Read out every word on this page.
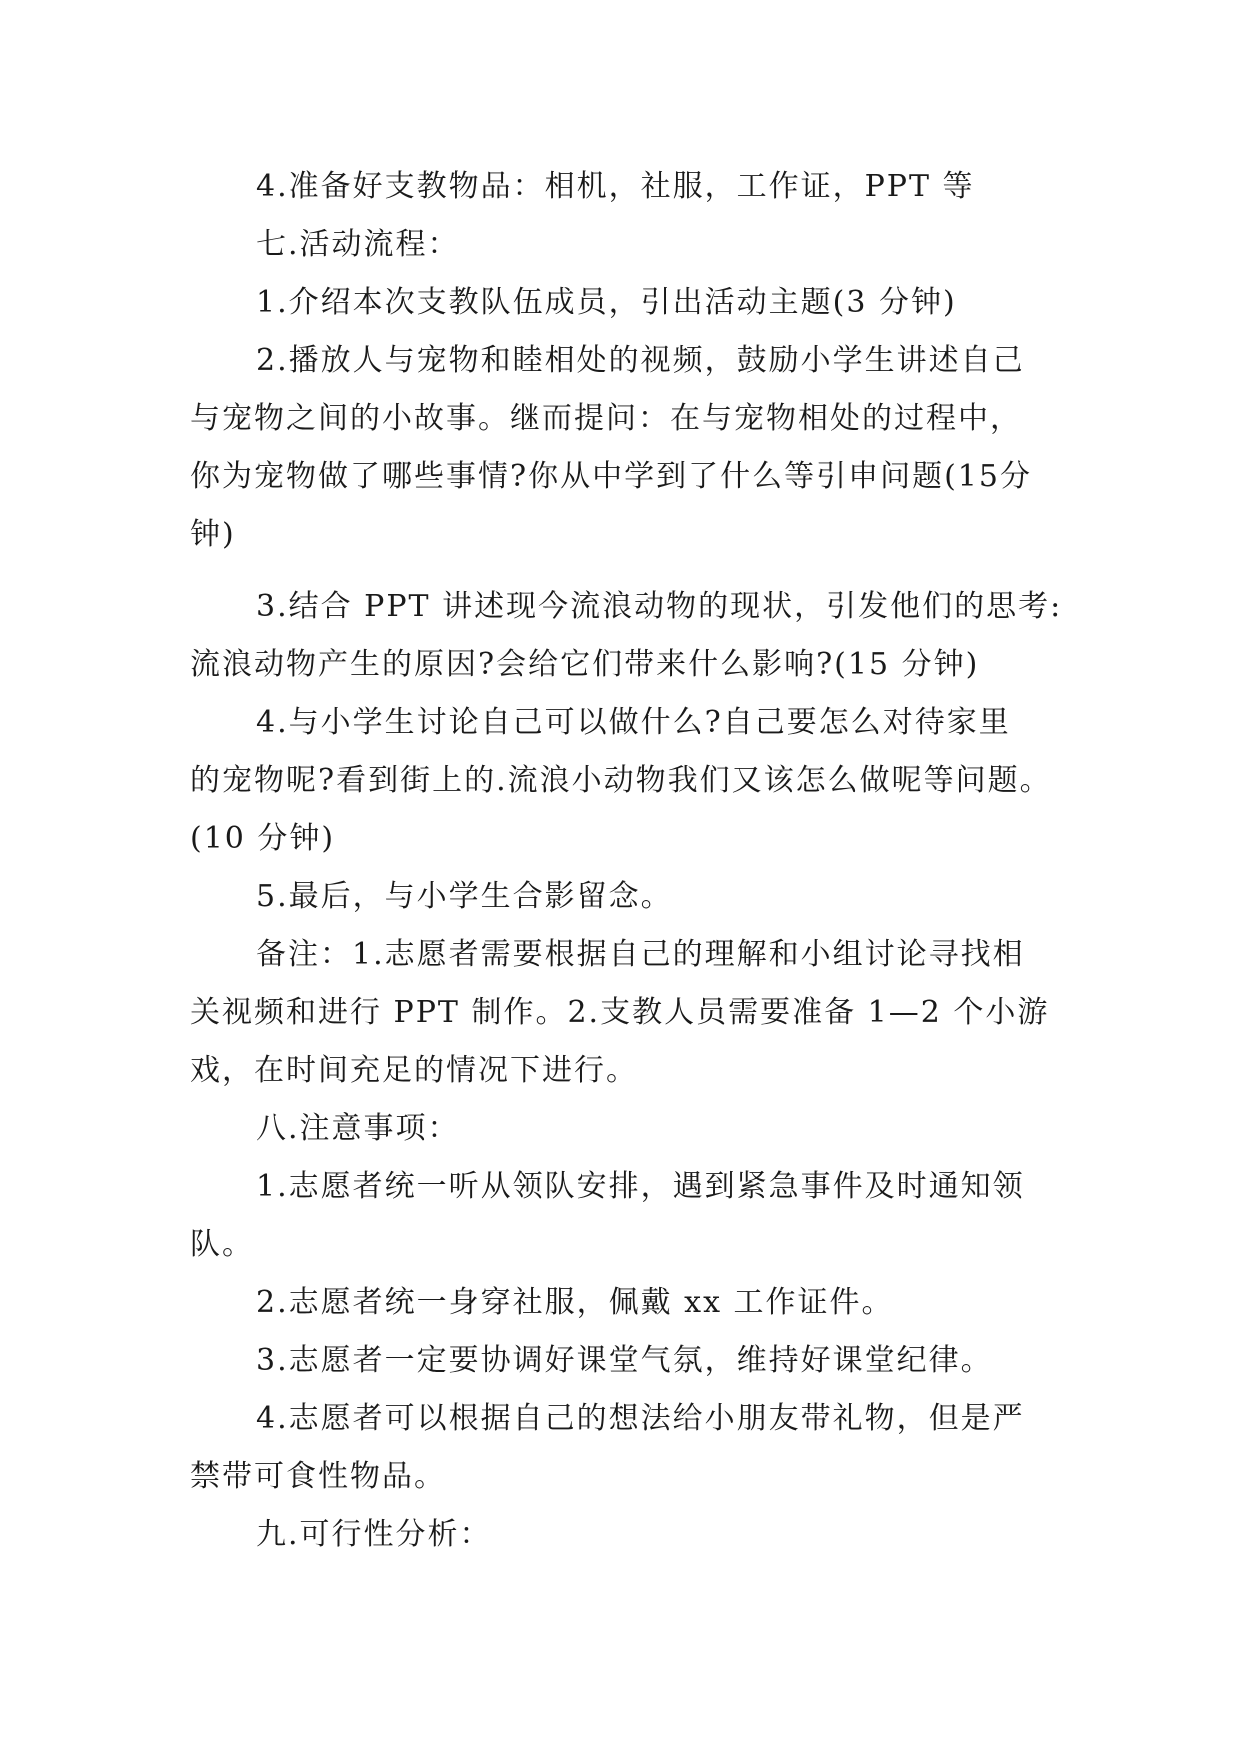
4.准备好支教物品：相机，社服，工作证，PPT 等
七.活动流程：
1.介绍本次支教队伍成员，引出活动主题(3 分钟)
2.播放人与宠物和睦相处的视频，鼓励小学生讲述自己
与宠物之间的小故事。继而提问：在与宠物相处的过程中，
你为宠物做了哪些事情?你从中学到了什么等引申问题(15分
钟)
3.结合 PPT 讲述现今流浪动物的现状，引发他们的思考:
流浪动物产生的原因?会给它们带来什么影响?(15 分钟)
4.与小学生讨论自己可以做什么?自己要怎么对待家里
的宠物呢?看到街上的.流浪小动物我们又该怎么做呢等问题。
(10 分钟)
5.最后，与小学生合影留念。
备注：1.志愿者需要根据自己的理解和小组讨论寻找相
关视频和进行 PPT 制作。2.支教人员需要准备 1—2 个小游
戏，在时间充足的情况下进行。
八.注意事项：
1.志愿者统一听从领队安排，遇到紧急事件及时通知领
队。
2.志愿者统一身穿社服，佩戴 xx 工作证件。
3.志愿者一定要协调好课堂气氛，维持好课堂纪律。
4.志愿者可以根据自己的想法给小朋友带礼物，但是严
禁带可食性物品。
九.可行性分析：
